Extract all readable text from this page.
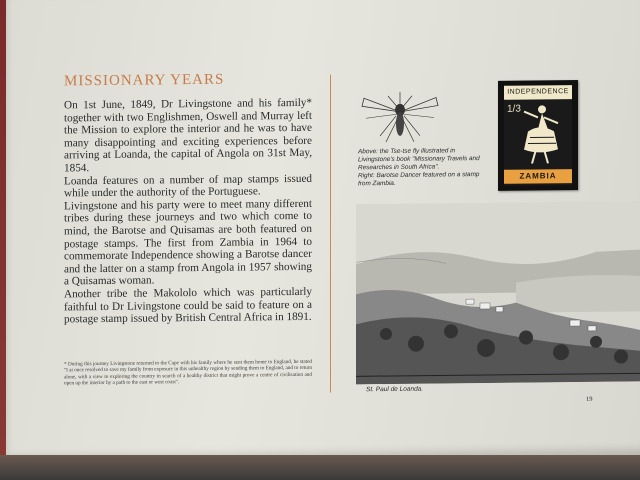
MISSIONARY YEARS

On 1st June, 1849, Dr Livingstone and his family* together with two Englishmen, Oswell and Murray left the Mission to explore the interior and he was to have many disappointing and exciting experiences before arriving at Loanda, the capital of Angola on 31st May, 1854.

Loanda features on a number of map stamps issued while under the authority of the Portuguese.

Livingstone and his party were to meet many different tribes during these journeys and two which come to mind, the Barotse and Quisamas are both featured on postage stamps. The first from Zambia in 1964 to commemorate Independence showing a Barotse dancer and the latter on a stamp from Angola in 1957 showing a Quisamas woman.

Another tribe the Makololo which was particularly faithful to Dr Livingstone could be said to feature on a postage stamp issued by British Central Africa in 1891.

* During this journey Livingstone returned to the Cape with his family where he sent them home to England, he stated "I at once resolved to save my family from exposure in this unhealthy region by sending them to England, and to return alone, with a view to exploring the country in search of a healthy district that might prove a centre of civilisation and open up the interior by a path to the east or west coast".
Above: the Tse-tse fly illustrated in Livingstone's book "Missionary Travels and Researches in South Africa".
Right: Barotse Dancer featured on a stamp from Zambia.
INDEPENDENCE
1/3
ZAMBIA
St. Paul de Loanda.
19
